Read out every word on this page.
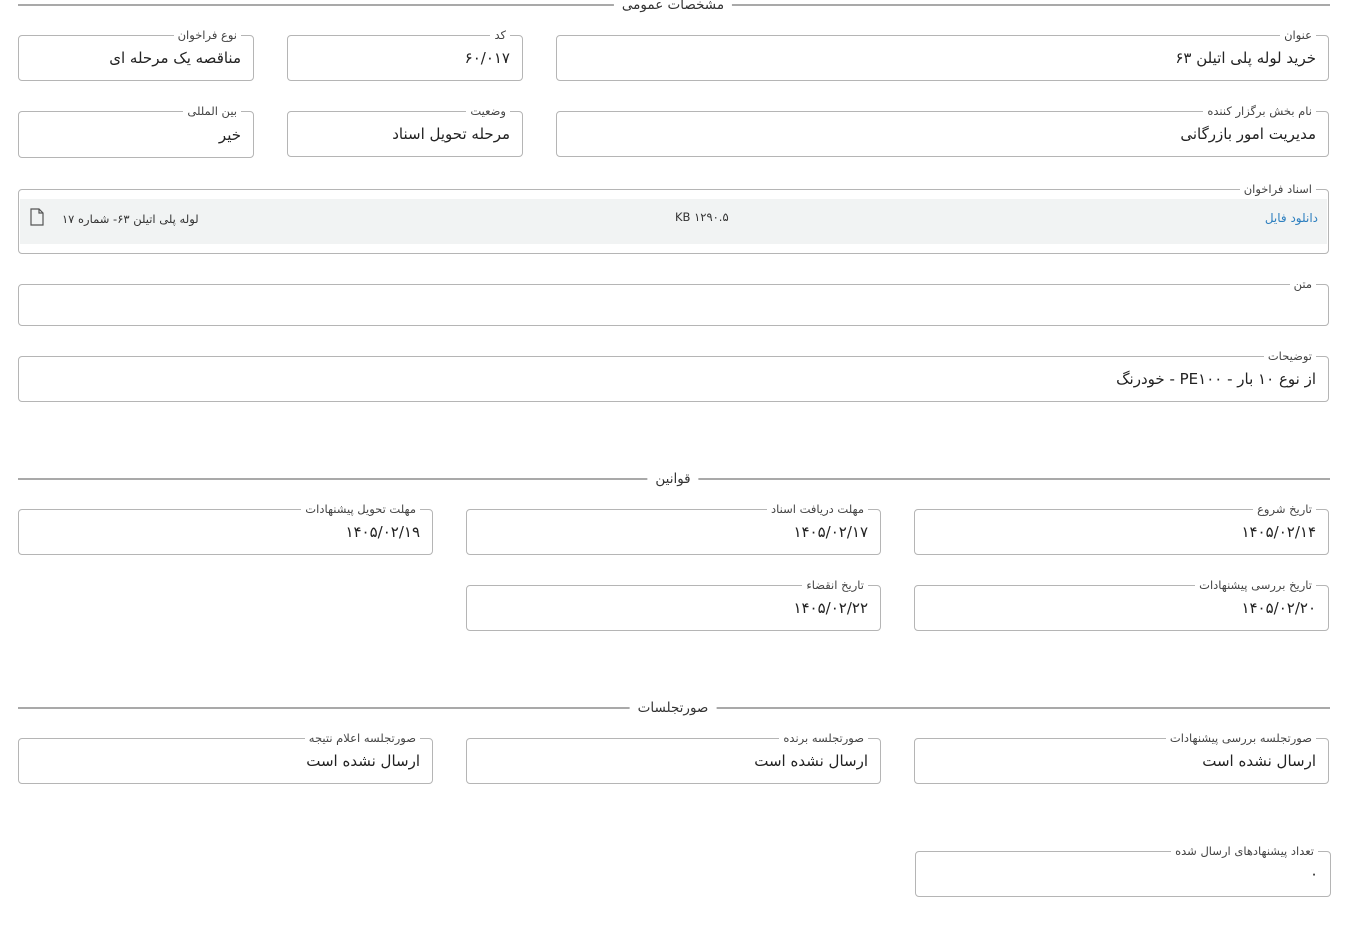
مشخصات عمومی
عنوان
خرید لوله پلی اتیلن ۶۳
کد
۶۰/۰۱۷
نوع فراخوان
مناقصه یک مرحله ای
نام بخش برگزار کننده
مدیریت امور بازرگانی
وضعیت
مرحله تحویل اسناد
بین المللی
خیر
اسناد فراخوان
دانلود فایل
۱۲۹۰.۵ KB
لوله پلی اتیلن ۶۳- شماره ۱۷
متن
توضیحات
از نوع ۱۰ بار - PE۱۰۰ - خودرنگ
قوانین
تاریخ شروع
۱۴۰۵/۰۲/۱۴
مهلت دریافت اسناد
۱۴۰۵/۰۲/۱۷
مهلت تحویل پیشنهادات
۱۴۰۵/۰۲/۱۹
تاریخ بررسی پیشنهادات
۱۴۰۵/۰۲/۲۰
تاریخ انقضاء
۱۴۰۵/۰۲/۲۲
صورتجلسات
صورتجلسه بررسی پیشنهادات
ارسال نشده است
صورتجلسه برنده
ارسال نشده است
صورتجلسه اعلام نتیجه
ارسال نشده است
تعداد پیشنهادهای ارسال شده
۰
